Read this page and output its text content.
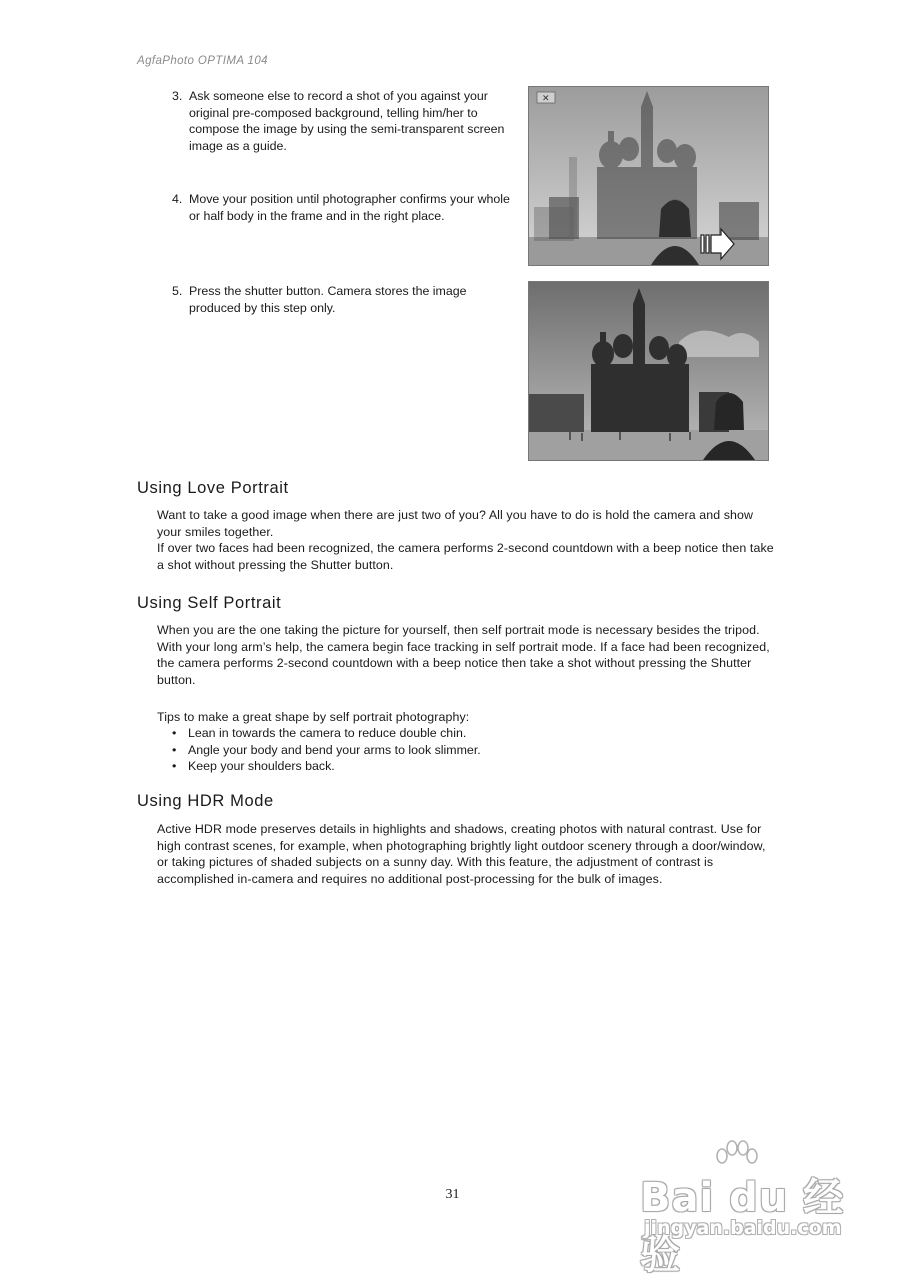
AgfaPhoto OPTIMA 104
3. Ask someone else to record a shot of you against your original pre-composed background, telling him/her to compose the image by using the semi-transparent screen image as a guide.
4. Move your position until photographer confirms your whole or half body in the frame and in the right place.
5. Press the shutter button. Camera stores the image produced by this step only.
✕
Using Love Portrait

Want to take a good image when there are just two of you? All you have to do is hold the camera and show your smiles together.

If over two faces had been recognized, the camera performs 2-second countdown with a beep notice then take a shot without pressing the Shutter button.

Using Self Portrait

When you are the one taking the picture for yourself, then self portrait mode is necessary besides the tripod. With your long arm’s help, the camera begin face tracking in self portrait mode. If a face had been recognized, the camera performs 2-second countdown with a beep notice then take a shot without pressing the Shutter button.

Tips to make a great shape by self portrait photography:

• Lean in towards the camera to reduce double chin.
• Angle your body and bend your arms to look slimmer.
• Keep your shoulders back.
Using HDR Mode

Active HDR mode preserves details in highlights and shadows, creating photos with natural contrast. Use for high contrast scenes, for example, when photographing brightly light outdoor scenery through a door/window, or taking pictures of shaded subjects on a sunny day. With this feature, the adjustment of contrast is accomplished in-camera and requires no additional post-processing for the bulk of images.

31	Bai du 经验
jingyan.baidu.com
